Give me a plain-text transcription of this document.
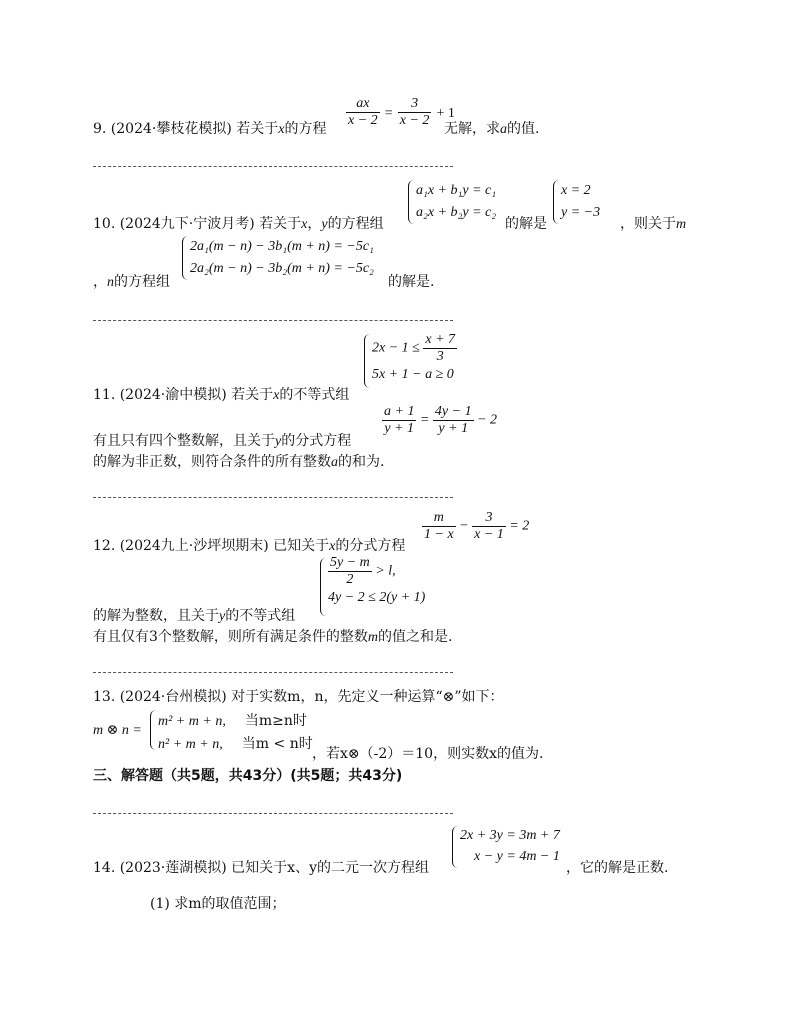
9. (2024·攀枝花模拟) 若关于x的方程 $\frac{ax}{x - 2} = \frac{3}{x - 2} + 1$
无解，求a的值.
a₁x + b₁y = c₁
a₂x + b₂y = c₂
x = 2
y = −3
10. (2024九下·宁波月考) 若关于x，y的方程组	的解是	，则关于m
2a₁(m − n) − 3b₁(m + n) = −5c₁
2a₂(m − n) − 3b₂(m + n) = −5c₂
，n的方程组	的解是.
$2x - 1 \le \frac{x + 7}{3}$
5x + 1 − a ≥ 0
11. (2024·渝中模拟) 若关于x的不等式组
$\frac{a + 1}{y + 1} = \frac{4y - 1}{y + 1} - 2$
有且只有四个整数解，且关于y的分式方程
的解为非正数，则符合条件的所有整数a的和为.
$\frac{m}{1 - x} - \frac{3}{x - 1} = 2$
12. (2024九上·沙坪坝期末) 已知关于x的分式方程
$\frac{5y - m}{2} > l$,
4y − 2 ≤ 2(y + 1)
的解为整数，且关于y的不等式组
有且仅有3个整数解，则所有满足条件的整数m的值之和是.
13. (2024·台州模拟) 对于实数m，n，先定义一种运算“⊗”如下：
m ⊗ n =
m² + m + n, 当m≥n时
n² + m + n, 当m < n时
，若x⊗（-2）＝10，则实数x的值为.
三、解答题（共5题，共43分）(共5题；共43分)
2x + 3y = 3m + 7
x − y = 4m − 1
14. (2023·莲湖模拟) 已知关于x、y的二元一次方程组	，它的解是正数.
(1) 求m的取值范围；
